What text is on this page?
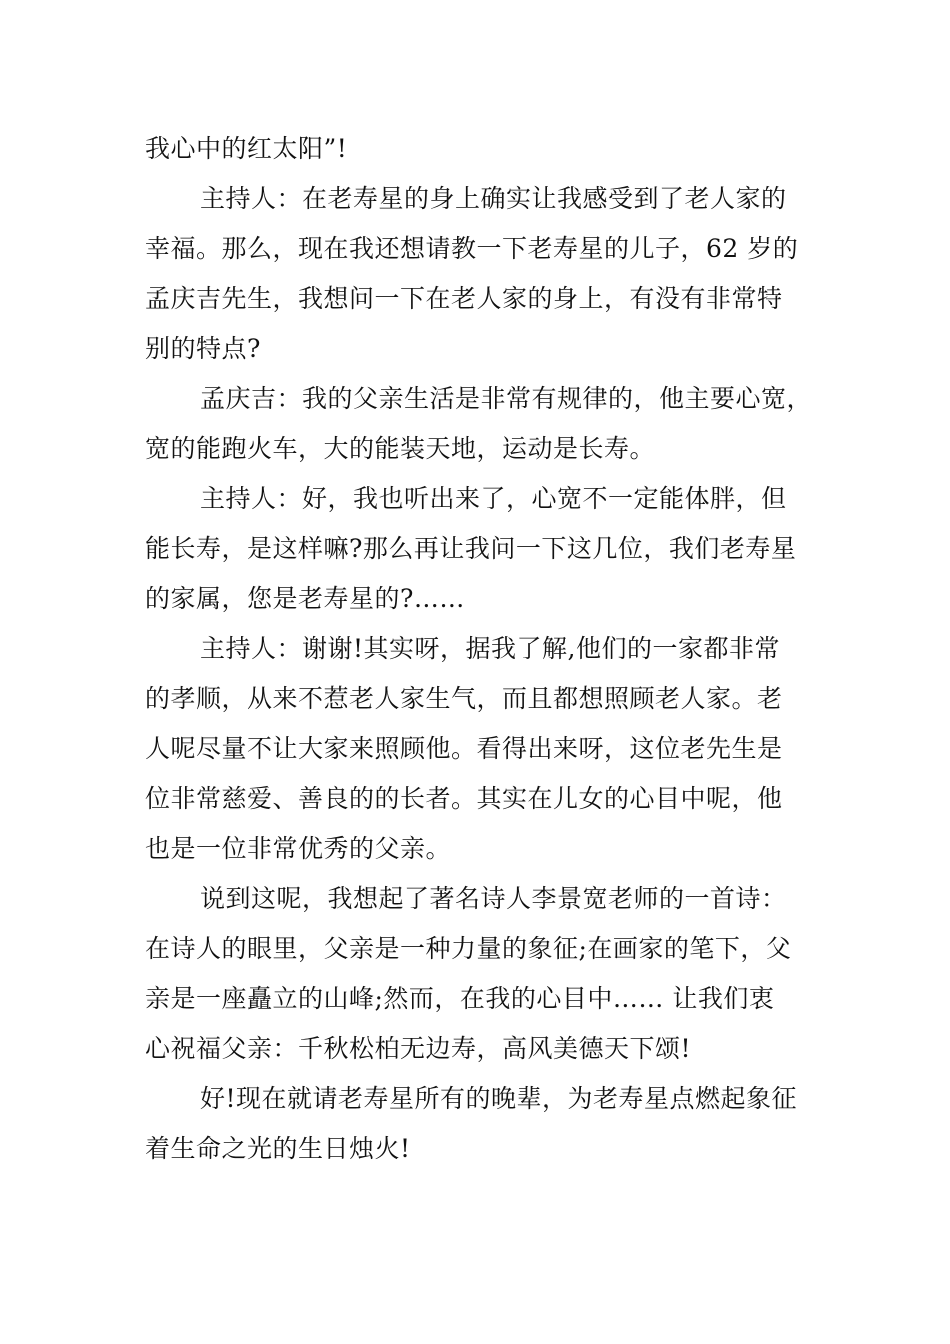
我心中的红太阳”!
主持人：在老寿星的身上确实让我感受到了老人家的
幸福。那么，现在我还想请教一下老寿星的儿子，62 岁的
孟庆吉先生，我想问一下在老人家的身上，有没有非常特
别的特点?
孟庆吉：我的父亲生活是非常有规律的，他主要心宽，
宽的能跑火车，大的能装天地，运动是长寿。
主持人：好，我也听出来了，心宽不一定能体胖，但
能长寿，是这样嘛?那么再让我问一下这几位，我们老寿星
的家属，您是老寿星的?……
主持人：谢谢!其实呀，据我了解,他们的一家都非常
的孝顺，从来不惹老人家生气，而且都想照顾老人家。老
人呢尽量不让大家来照顾他。看得出来呀，这位老先生是
位非常慈爱、善良的的长者。其实在儿女的心目中呢，他
也是一位非常优秀的父亲。
说到这呢，我想起了著名诗人李景宽老师的一首诗：
在诗人的眼里，父亲是一种力量的象征;在画家的笔下，父
亲是一座矗立的山峰;然而，在我的心目中…… 让我们衷
心祝福父亲：千秋松柏无边寿，高风美德天下颂!
好!现在就请老寿星所有的晚辈，为老寿星点燃起象征
着生命之光的生日烛火!
